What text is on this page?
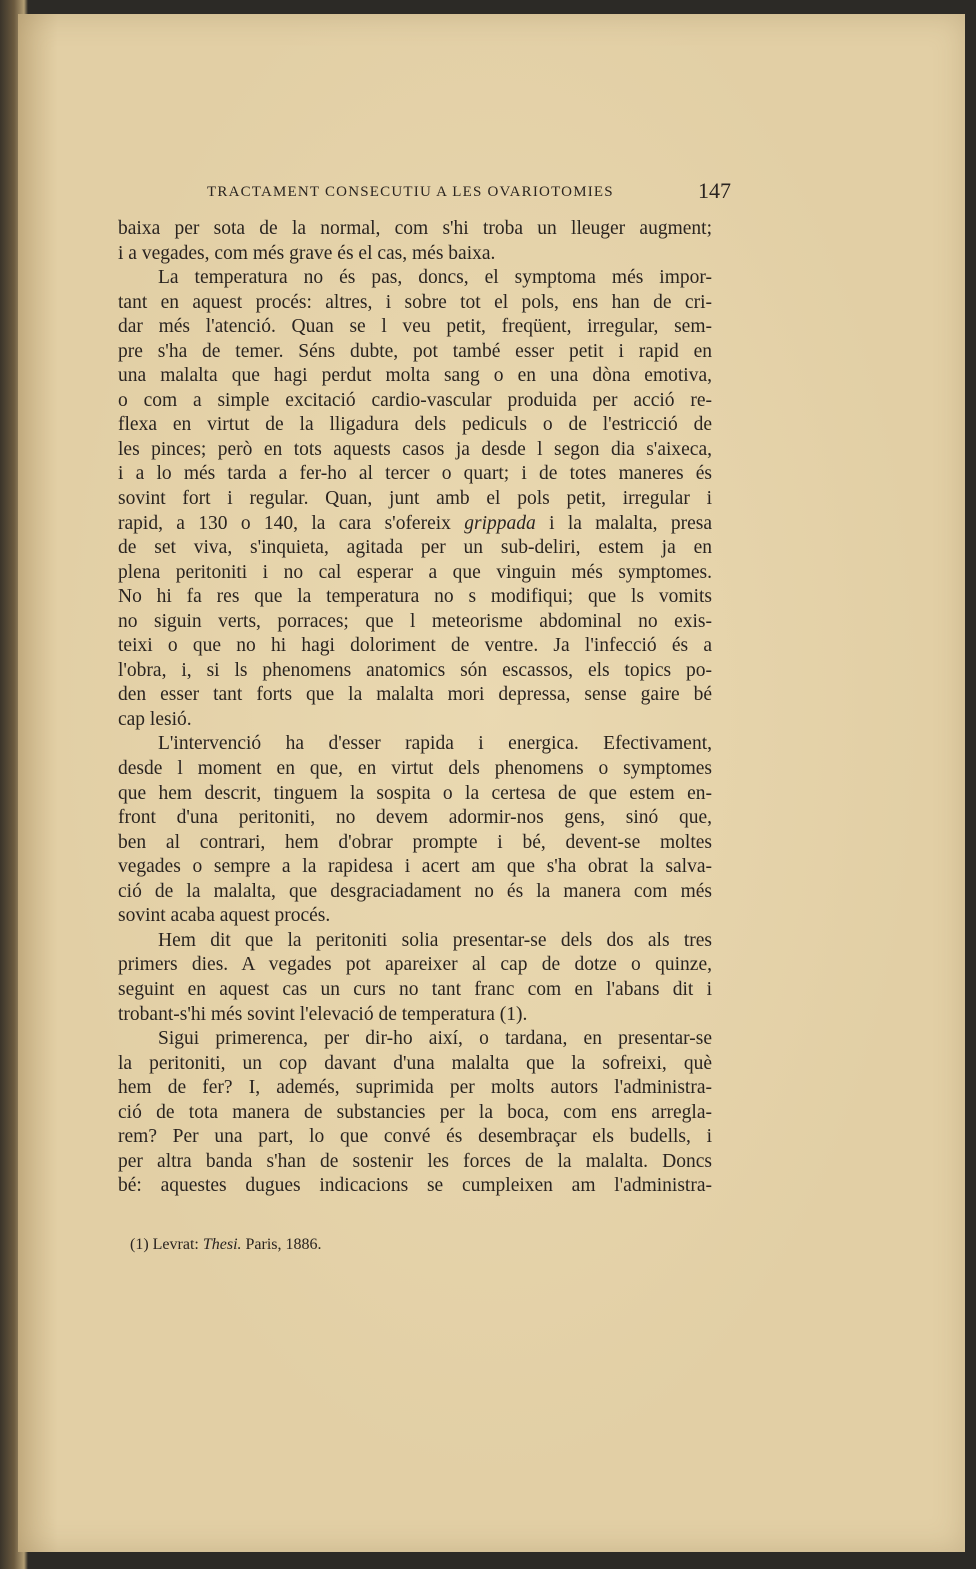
TRACTAMENT CONSECUTIU A LES OVARIOTOMIES	147
baixa per sota de la normal, com s'hi troba un lleuger augment;
i a vegades, com més grave és el cas, més baixa.
La temperatura no és pas, doncs, el symptoma més impor-
tant en aquest procés: altres, i sobre tot el pols, ens han de cri-
dar més l'atenció. Quan se l veu petit, freqüent, irregular, sem-
pre s'ha de temer. Séns dubte, pot també esser petit i rapid en
una malalta que hagi perdut molta sang o en una dòna emotiva,
o com a simple excitació cardio-vascular produida per acció re-
flexa en virtut de la lligadura dels pediculs o de l'estricció de
les pinces; però en tots aquests casos ja desde l segon dia s'aixeca,
i a lo més tarda a fer-ho al tercer o quart; i de totes maneres és
sovint fort i regular. Quan, junt amb el pols petit, irregular i
rapid, a 130 o 140, la cara s'ofereix grippada i la malalta, presa
de set viva, s'inquieta, agitada per un sub-deliri, estem ja en
plena peritoniti i no cal esperar a que vinguin més symptomes.
No hi fa res que la temperatura no s modifiqui; que ls vomits
no siguin verts, porraces; que l meteorisme abdominal no exis-
teixi o que no hi hagi doloriment de ventre. Ja l'infecció és a
l'obra, i, si ls phenomens anatomics són escassos, els topics po-
den esser tant forts que la malalta mori depressa, sense gaire bé
cap lesió.
L'intervenció ha d'esser rapida i energica. Efectivament,
desde l moment en que, en virtut dels phenomens o symptomes
que hem descrit, tinguem la sospita o la certesa de que estem en-
front d'una peritoniti, no devem adormir-nos gens, sinó que,
ben al contrari, hem d'obrar prompte i bé, devent-se moltes
vegades o sempre a la rapidesa i acert am que s'ha obrat la salva-
ció de la malalta, que desgraciadament no és la manera com més
sovint acaba aquest procés.
Hem dit que la peritoniti solia presentar-se dels dos als tres
primers dies. A vegades pot apareixer al cap de dotze o quinze,
seguint en aquest cas un curs no tant franc com en l'abans dit i
trobant-s'hi més sovint l'elevació de temperatura (1).
Sigui primerenca, per dir-ho així, o tardana, en presentar-se
la peritoniti, un cop davant d'una malalta que la sofreixi, què
hem de fer? I, ademés, suprimida per molts autors l'administra-
ció de tota manera de substancies per la boca, com ens arregla-
rem? Per una part, lo que convé és desembraçar els budells, i
per altra banda s'han de sostenir les forces de la malalta. Doncs
bé: aquestes dugues indicacions se cumpleixen am l'administra-
(1) Levrat: Thesi. Paris, 1886.
